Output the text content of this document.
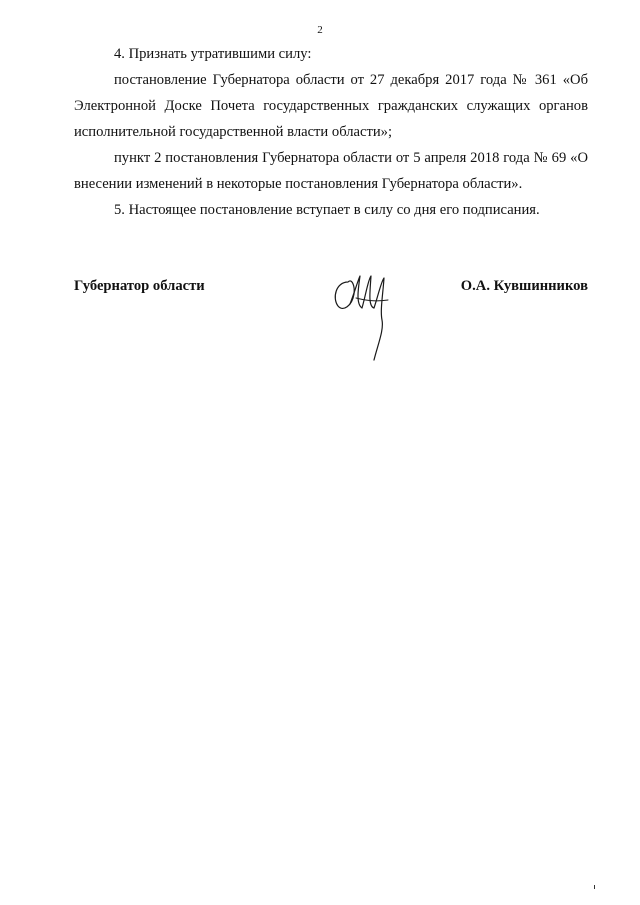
2

4. Признать утратившими силу:

постановление Губернатора области от 27 декабря 2017 года № 361 «Об Электронной Доске Почета государственных гражданских служащих органов исполнительной государственной власти области»;

пункт 2 постановления Губернатора области от 5 апреля 2018 года № 69 «О внесении изменений в некоторые постановления Губернатора области».

5. Настоящее постановление вступает в силу со дня его подписания.

Губернатор области	О.А. Кувшинников
